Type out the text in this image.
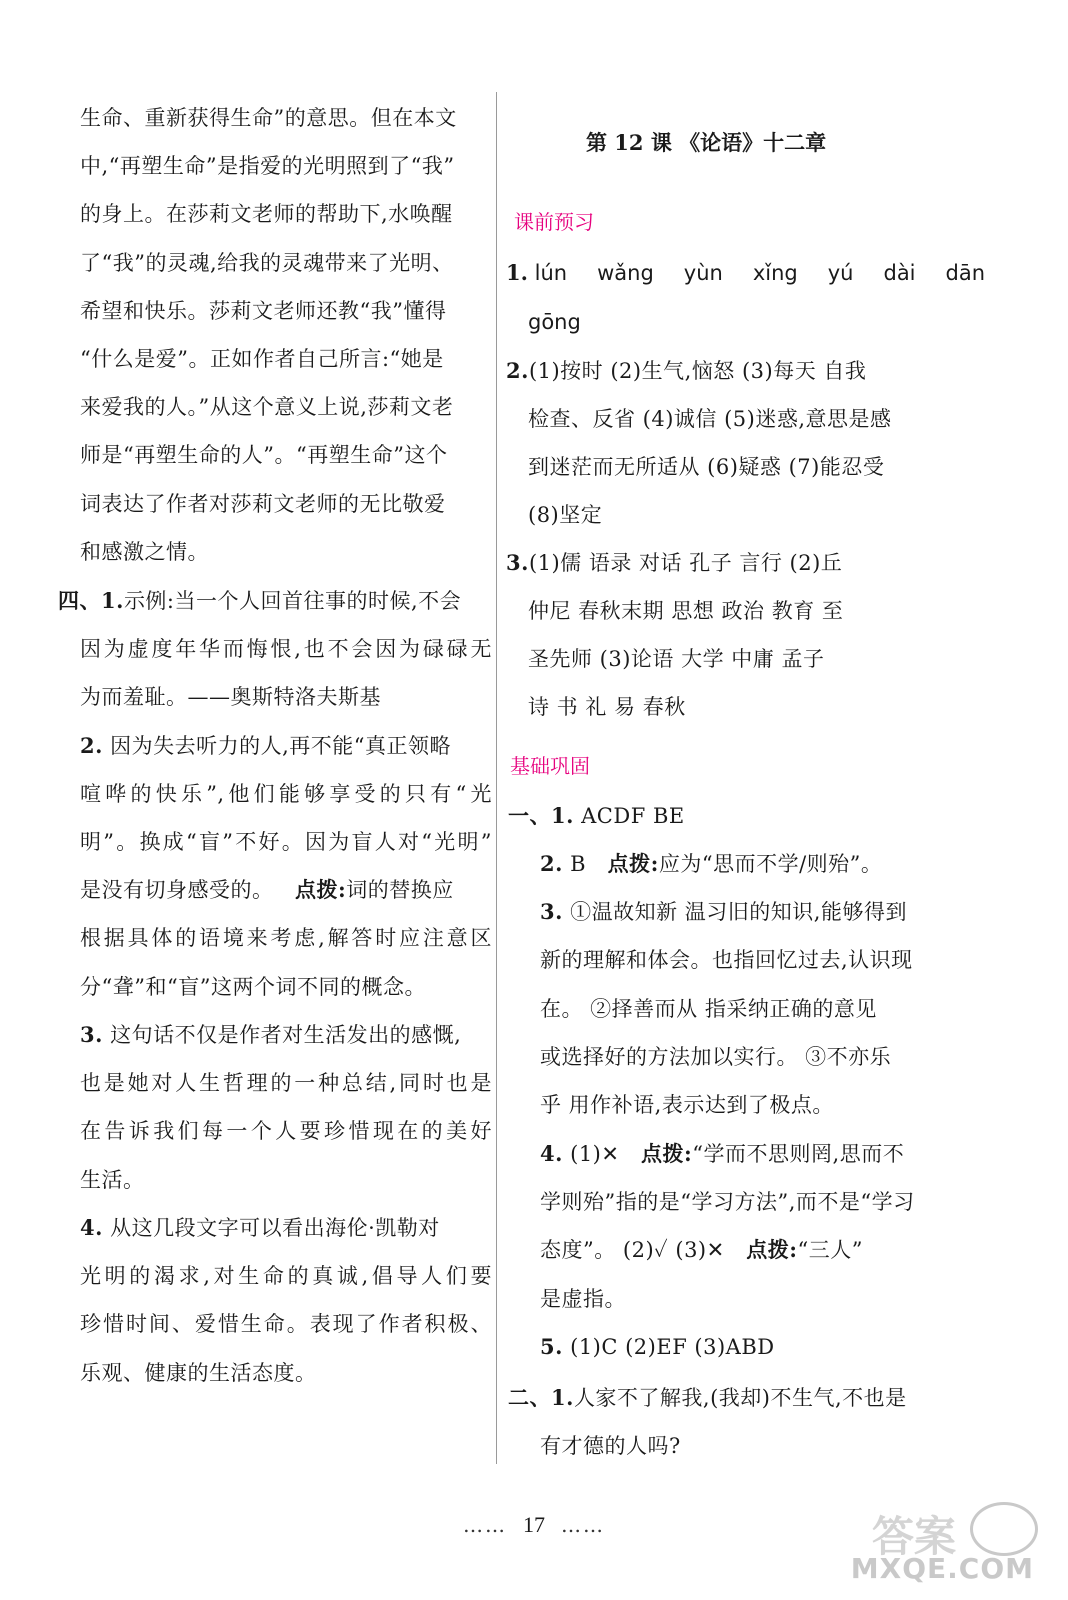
生命、重新获得生命”的意思。但在本文
中,“再塑生命”是指爱的光明照到了“我”
的身上。在莎莉文老师的帮助下,水唤醒
了“我”的灵魂,给我的灵魂带来了光明、
希望和快乐。莎莉文老师还教“我”懂得
“什么是爱”。正如作者自己所言:“她是
来爱我的人。”从这个意义上说,莎莉文老
师是“再塑生命的人”。“再塑生命”这个
词表达了作者对莎莉文老师的无比敬爱
和感激之情。
四、1.示例:当一个人回首往事的时候,不会
因为虚度年华而悔恨,也不会因为碌碌无
为而羞耻。——奥斯特洛夫斯基
2. 因为失去听力的人,再不能“真正领略
喧哗的快乐”,他们能够享受的只有“光
明”。换成“盲”不好。因为盲人对“光明”
是没有切身感受的。 点拨:词的替换应
根据具体的语境来考虑,解答时应注意区
分“聋”和“盲”这两个词不同的概念。
3. 这句话不仅是作者对生活发出的感慨,
也是她对人生哲理的一种总结,同时也是
在告诉我们每一个人要珍惜现在的美好
生活。
4. 从这几段文字可以看出海伦·凯勒对
光明的渴求,对生命的真诚,倡导人们要
珍惜时间、爱惜生命。表现了作者积极、
乐观、健康的生活态度。
第 12 课 《论语》十二章
课前预习
1. lún wǎng yùn xǐng yú dài dān
gōng
2.(1)按时 (2)生气,恼怒 (3)每天 自我
检查、反省 (4)诚信 (5)迷惑,意思是感
到迷茫而无所适从 (6)疑惑 (7)能忍受
(8)坚定
3.(1)儒 语录 对话 孔子 言行 (2)丘
仲尼 春秋末期 思想 政治 教育 至
圣先师 (3)论语 大学 中庸 孟子
诗 书 礼 易 春秋
基础巩固
一、1. ACDF BE
2. B   点拨:应为“思而不学/则殆”。
3. ①温故知新 温习旧的知识,能够得到
新的理解和体会。也指回忆过去,认识现
在。 ②择善而从 指采纳正确的意见
或选择好的方法加以实行。 ③不亦乐
乎 用作补语,表示达到了极点。
4. (1)✕   点拨:“学而不思则罔,思而不
学则殆”指的是“学习方法”,而不是“学习
态度”。 (2)✓ (3)✕   点拨:“三人”
是虚指。
5. (1)C (2)EF (3)ABD
二、1.人家不了解我,(我却)不生气,不也是
有才德的人吗?
…… 17 ……	答案
MXQE.COM
